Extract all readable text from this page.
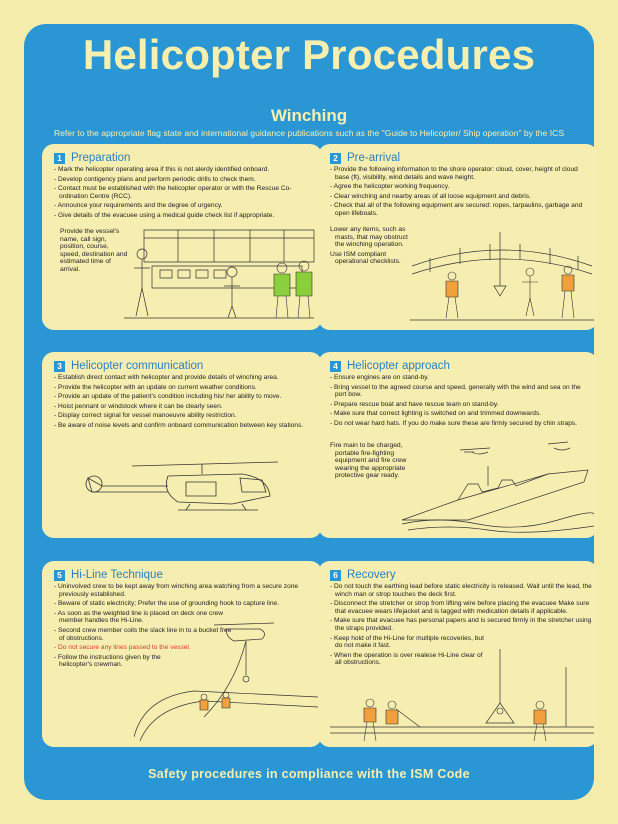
Helicopter Procedures
Winching
Refer to the appropriate flag state and international guidance publications such as the "Guide to Helicopter/ Ship operation" by the ICS
1 Preparation
- Mark the helicopter operating area if this is not alerdy identified onboard.
- Develop contigency plans and perform periodic drills to check them.
- Contact must be established with the helicopter operator or with the Rescue Co-ordination Centre (RCC).
- Announce your requirements and the degree of urgency.
- Give details of the evacuee using a medical guide check list if appropriate.
Provide the vessel's name, call sign, position, course, speed, destination and estimated time of arrival.
2 Pre-arrival
- Provide the following information to the shore operator: cloud, cover, height of cloud base (ft), visibility, wind details and wave height.
- Agree the helicopter working frequency.
- Clear winching and nearby areas of all loose equipment and debris.
- Check that all of the following equipment are secured: ropes, tarpaulins, garbage and open lifeboats.
Lower any items, such as masts, that may obstruct the winching operation.
Use ISM compliant operational checklists.
3 Helicopter communication
- Establish direct contact with helicopter and provide details of winching area.
- Provide the helicopter with an update on current weather conditions.
- Provide an update of the patient's condition including his/ her ability to move.
- Hoist pennant or windstock where it can be clearly seen.
- Display correct signal for vessel manoeuvre ability restriction.
- Be aware of noise levels and confirm onboard communication between key stations.
4 Helicopter approach
- Ensure engines are on stand-by.
- Bring vessel to the agreed course and speed, generally with the wind and sea on the port bow.
- Prepare rescue boat and have rescue team on stand-by.
- Make sure that correct lighting is switched on and trimmed downwards.
- Do not wear hard hats. If you do make sure these are firmly secured by chin straps.
Fire main to be charged, portable fire-fighting equipment and fire crew wearing the appropriate protective gear ready.
5 Hi-Line Technique
- Uninvolved crew to be kept away from winching area watching from a secure zone previously established.
- Beware of static electricity; Prefer the use of grounding hook to capture line.
- As soon as the weighted line is placed on deck one crew member handles the Hi-Line.
- Second crew member coils the slack line in to a bucket free of obstructions.
- Do not secure any lines passed to the vessel.
- Follow the instructions given by the helicopter's crewman.
6 Recovery
- Do not touch the earthing lead before static electricity is released. Wait until the lead, the winch man or strop touches the deck first.
- Disconnect the stretcher or strop from lifting wire before placing the evacuee Make sure that evacuee wears lifejacket and is tagged with medication details if applicable.
- Make sure that evacuee has personal papers and is secured firmly in the stretcher using the straps provided.
- Keep hold of the Hi-Line for multiple recoveries, but do not make it fast.
- When the operation is over realese Hi-Line clear of all obstructions.
Safety procedures in compliance with the ISM Code
